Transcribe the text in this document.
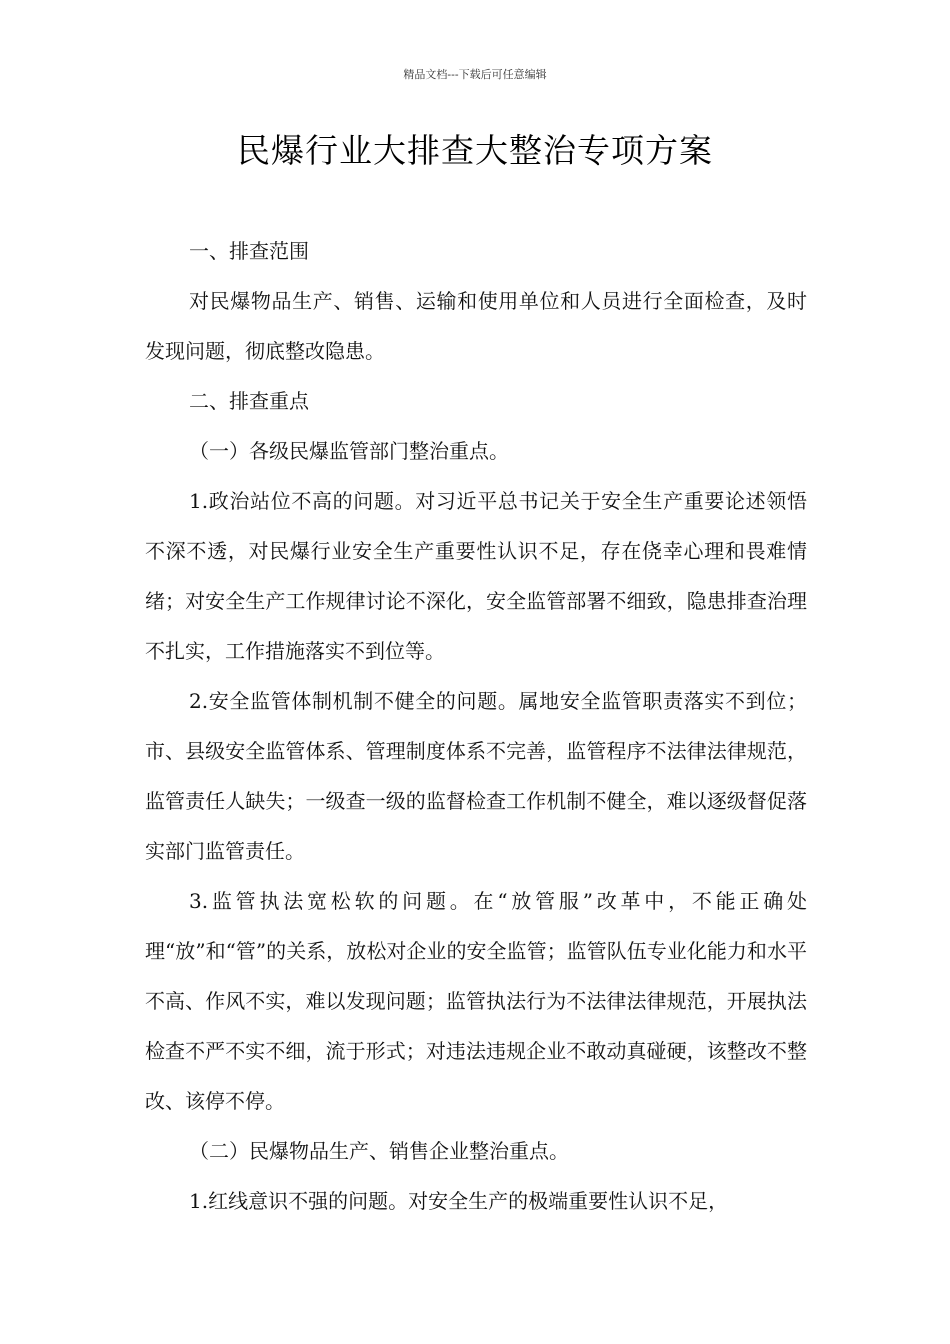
精品文档---下载后可任意编辑
民爆行业大排查大整治专项方案

一、排查范围

对民爆物品生产、销售、运输和使用单位和人员进行全面检查，及时发现问题，彻底整改隐患。

二、排查重点

（一）各级民爆监管部门整治重点。

1.政治站位不高的问题。对习近平总书记关于安全生产重要论述领悟不深不透，对民爆行业安全生产重要性认识不足，存在侥幸心理和畏难情绪；对安全生产工作规律讨论不深化，安全监管部署不细致，隐患排查治理不扎实，工作措施落实不到位等。

2.安全监管体制机制不健全的问题。属地安全监管职责落实不到位；市、县级安全监管体系、管理制度体系不完善，监管程序不法律法律规范，监管责任人缺失；一级查一级的监督检查工作机制不健全，难以逐级督促落实部门监管责任。

3.监管执法宽松软的问题。在“放管服”改革中，不能正确处理“放”和“管”的关系，放松对企业的安全监管；监管队伍专业化能力和水平不高、作风不实，难以发现问题；监管执法行为不法律法律规范，开展执法检查不严不实不细，流于形式；对违法违规企业不敢动真碰硬，该整改不整改、该停不停。

（二）民爆物品生产、销售企业整治重点。

1.红线意识不强的问题。对安全生产的极端重要性认识不足，
